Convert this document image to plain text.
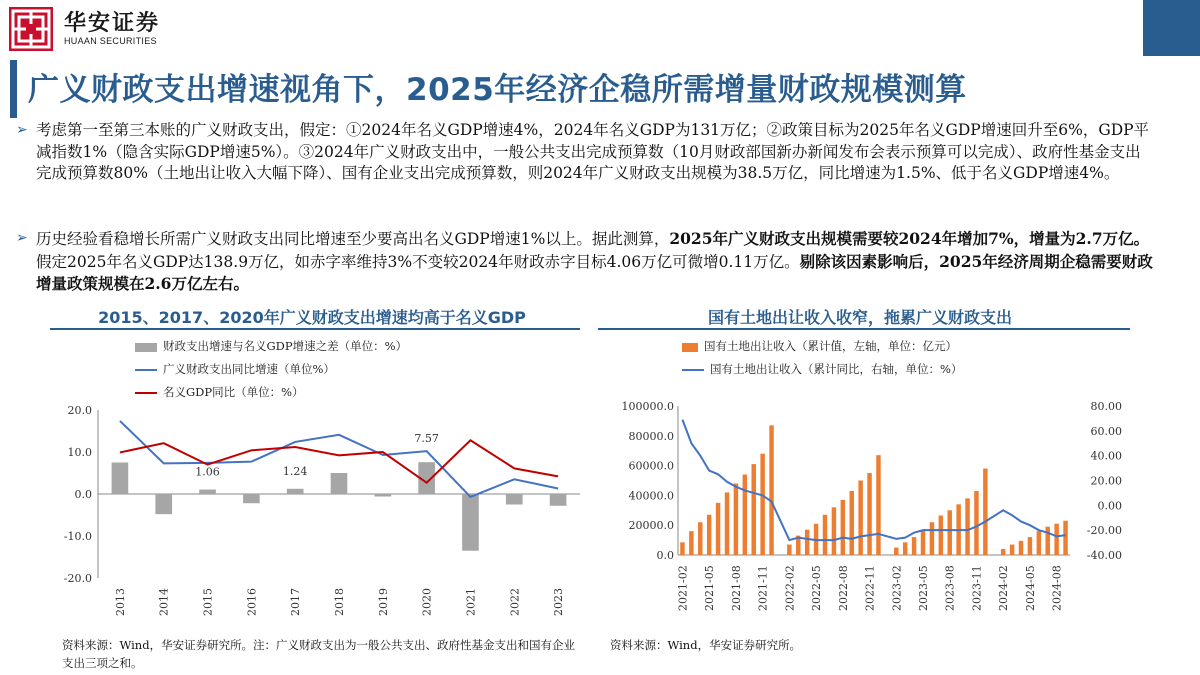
华安证券
HUAAN SECURITIES
广义财政支出增速视角下，2025年经济企稳所需增量财政规模测算
➢ 考虑第一至第三本账的广义财政支出，假定：①2024年名义GDP增速4%，2024年名义GDP为131万亿；②政策目标为2025年名义GDP增速回升至6%，GDP平减指数1%（隐含实际GDP增速5%）。③2024年广义财政支出中，一般公共支出完成预算数（10月财政部国新办新闻发布会表示预算可以完成）、政府性基金支出完成预算数80%（土地出让收入大幅下降）、国有企业支出完成预算数，则2024年广义财政支出规模为38.5万亿，同比增速为1.5%、低于名义GDP增速4%。
➢ 历史经验看稳增长所需广义财政支出同比增速至少要高出名义GDP增速1%以上。据此测算，2025年广义财政支出规模需要较2024年增加7%，增量为2.7万亿。假定2025年名义GDP达138.9万亿，如赤字率维持3%不变较2024年财政赤字目标4.06万亿可微增0.11万亿。剔除该因素影响后，2025年经济周期企稳需要财政增量政策规模在2.6万亿左右。
2015、2017、2020年广义财政支出增速均高于名义GDP
财政支出增速与名义GDP增速之差（单位：%）
广义财政支出同比增速（单位%）
名义GDP同比（单位：%）
20.0
10.0
0.0
-10.0
-20.0
1.06	1.24
7.57
2013	2014	2015	2016	2017	2018	2019	2020	2021	2022	2023
资料来源：Wind，华安证券研究所。注：广义财政支出为一般公共支出、政府性基金支出和国有企业支出三项之和。
国有土地出让收入收窄，拖累广义财政支出
国有土地出让收入（累计值，左轴，单位：亿元）
国有土地出让收入（累计同比，右轴，单位：%）
100000.0
80000.0
60000.0
40000.0
20000.0
0.0
80.00
60.00
40.00
20.00
0.00
-20.00
-40.00
2021-02 2021-05 2021-08 2021-11 2022-02 2022-05 2022-08 2022-11 2023-02 2023-05 2023-08 2023-11 2024-02 2024-05 2024-08
资料来源：Wind，华安证券研究所。
